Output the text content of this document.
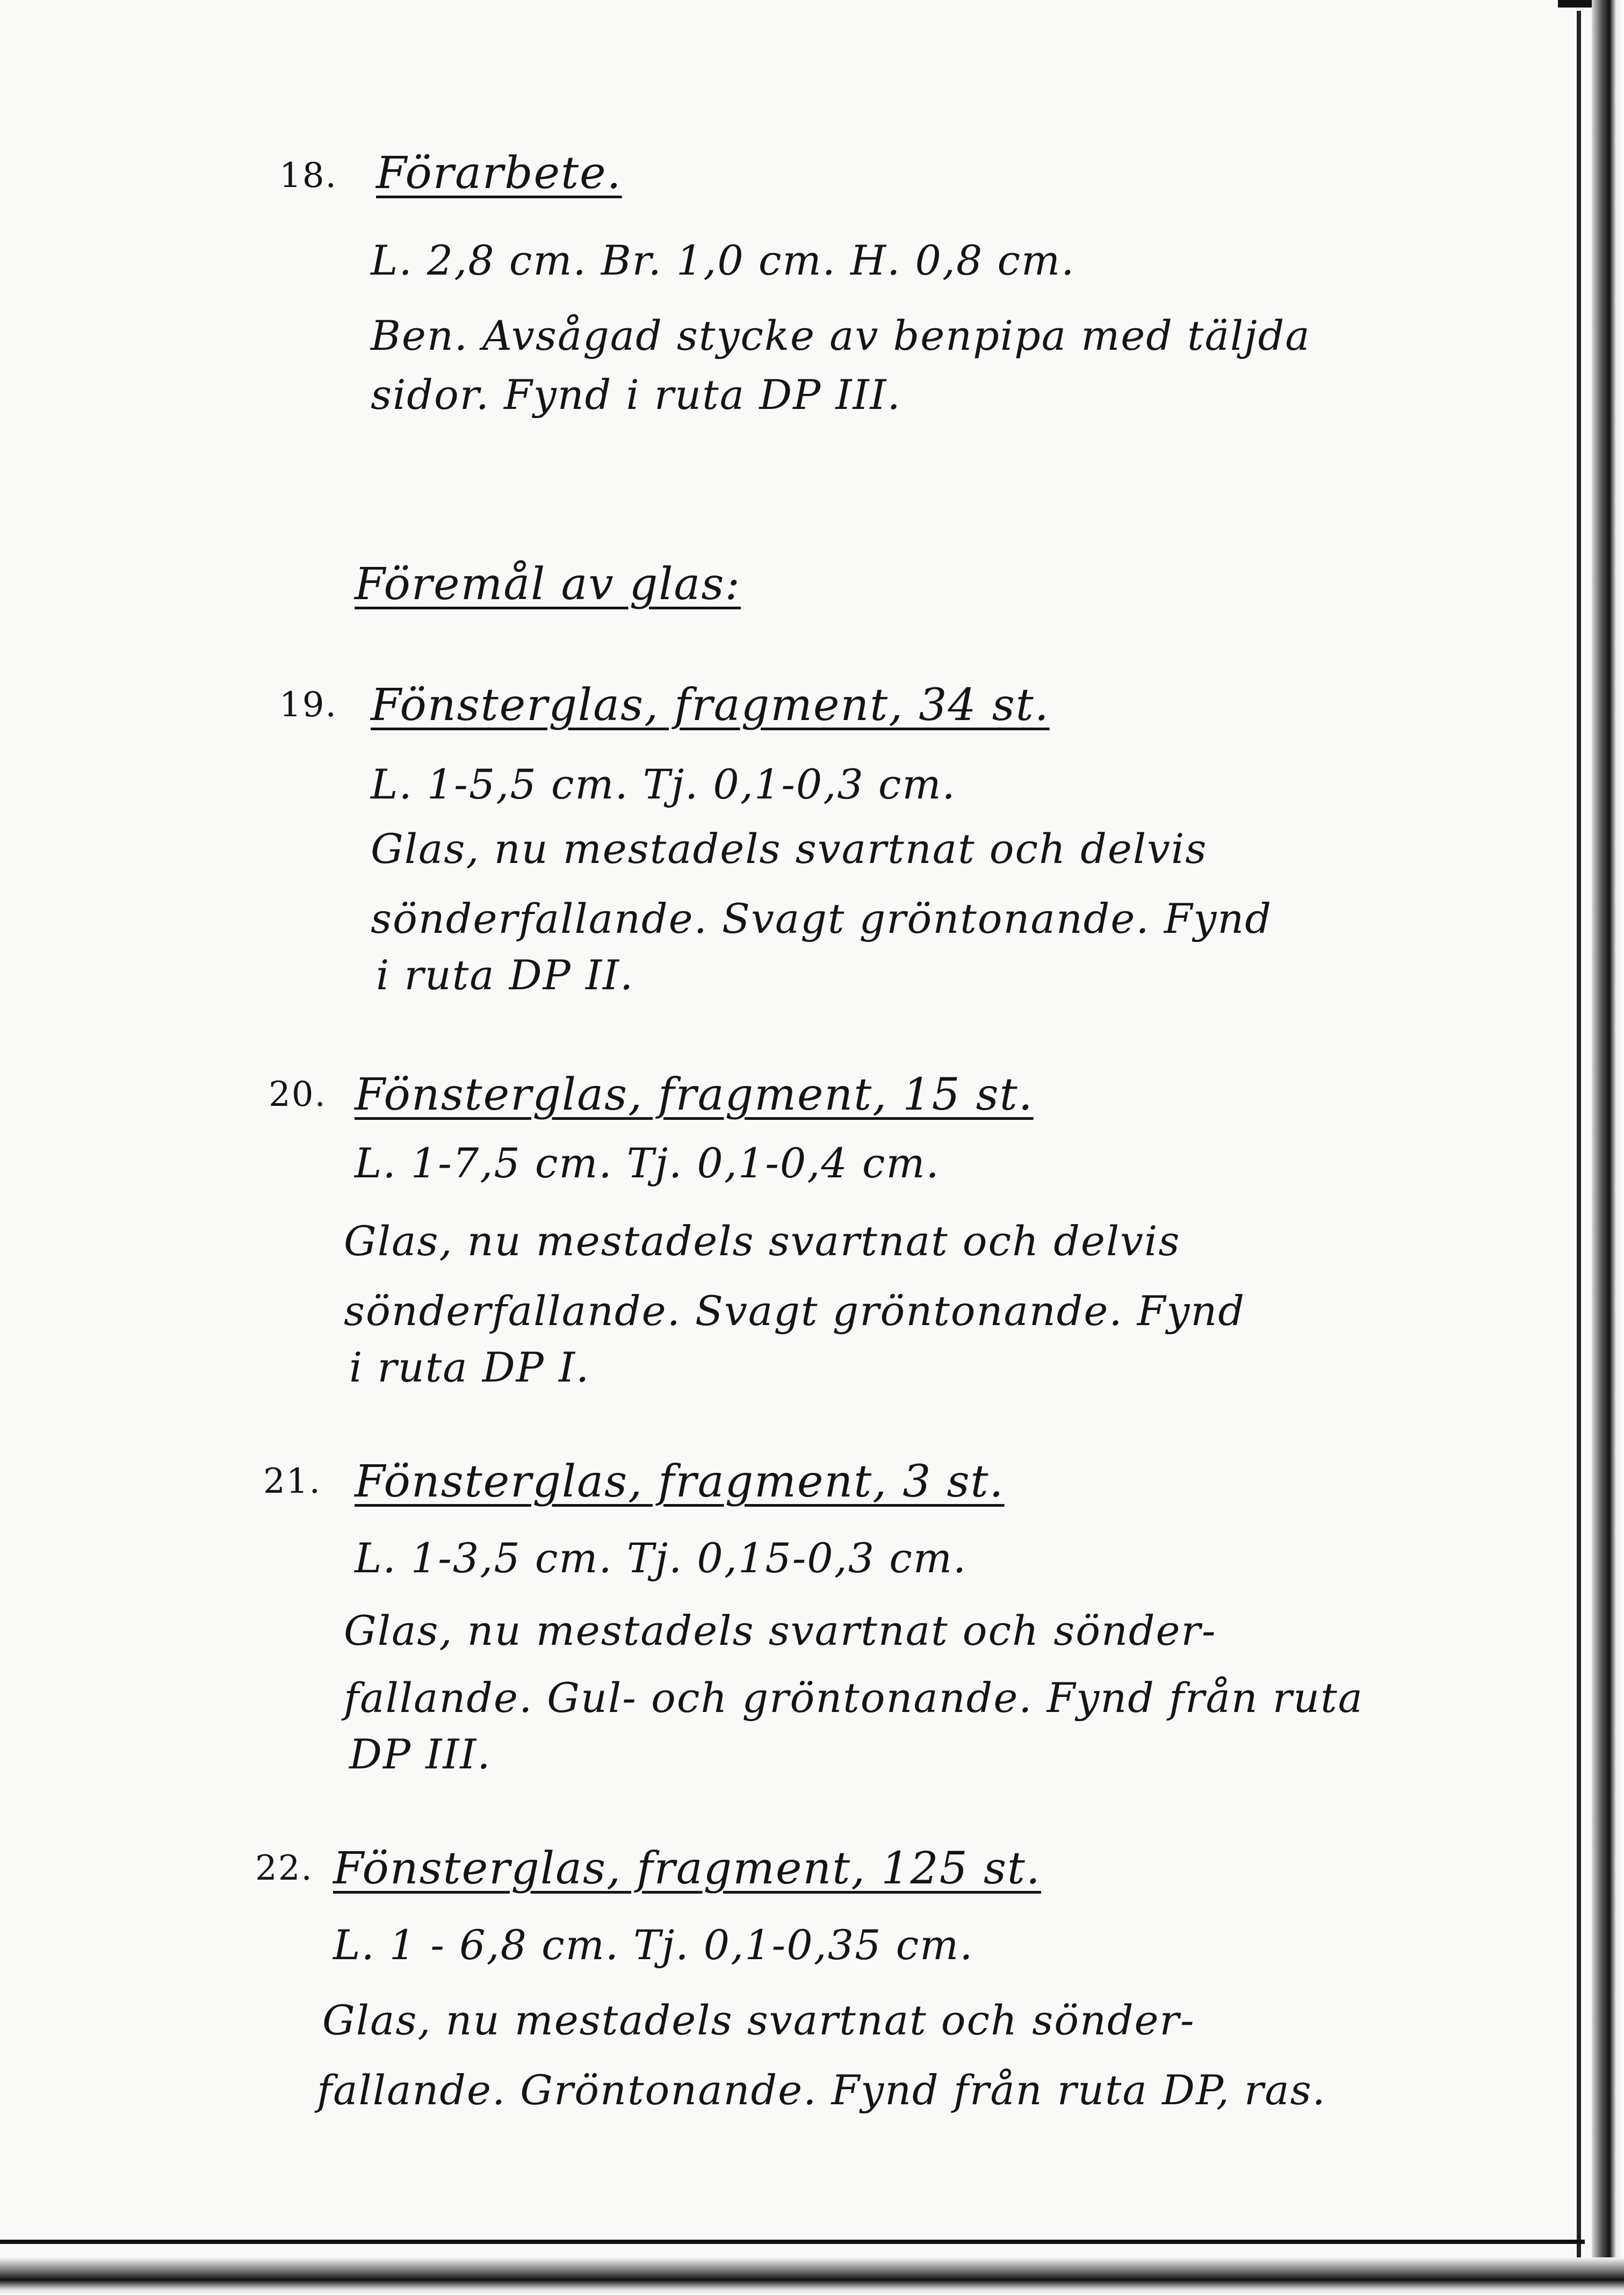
18. Förarbete.
L. 2,8 cm. Br. 1,0 cm. H. 0,8 cm.
Ben. Avsågad stycke av benpipa med täljda
sidor. Fynd i rutа DP III.
Föremål av glas:
19. Fönsterglas, fragment, 34 st.
L. 1-5,5 cm. Tj. 0,1-0,3 cm.
Glas, nu mestadels svartnat och delvis
sönderfallande. Svagt gröntonande. Fynd
i ruta DP II.
20. Fönsterglas, fragment, 15 st.
L. 1-7,5 cm. Tj. 0,1-0,4 cm.
Glas, nu mestadels svartnat och delvis
sönderfallande. Svagt gröntonande. Fynd
i ruta DP I.
21. Fönsterglas, fragment, 3 st.
L. 1-3,5 cm. Tj. 0,15-0,3 cm.
Glas, nu mestadels svartnat och sönder-
fallande. Gul- och gröntonande. Fynd från ruta
DP III.
22. Fönsterglas, fragment, 125 st.
L. 1 - 6,8 cm. Tj. 0,1-0,35 cm.
Glas, nu mestadels svartnat och sönder-
fallande. Gröntonande. Fynd från ruta DP, ras.
